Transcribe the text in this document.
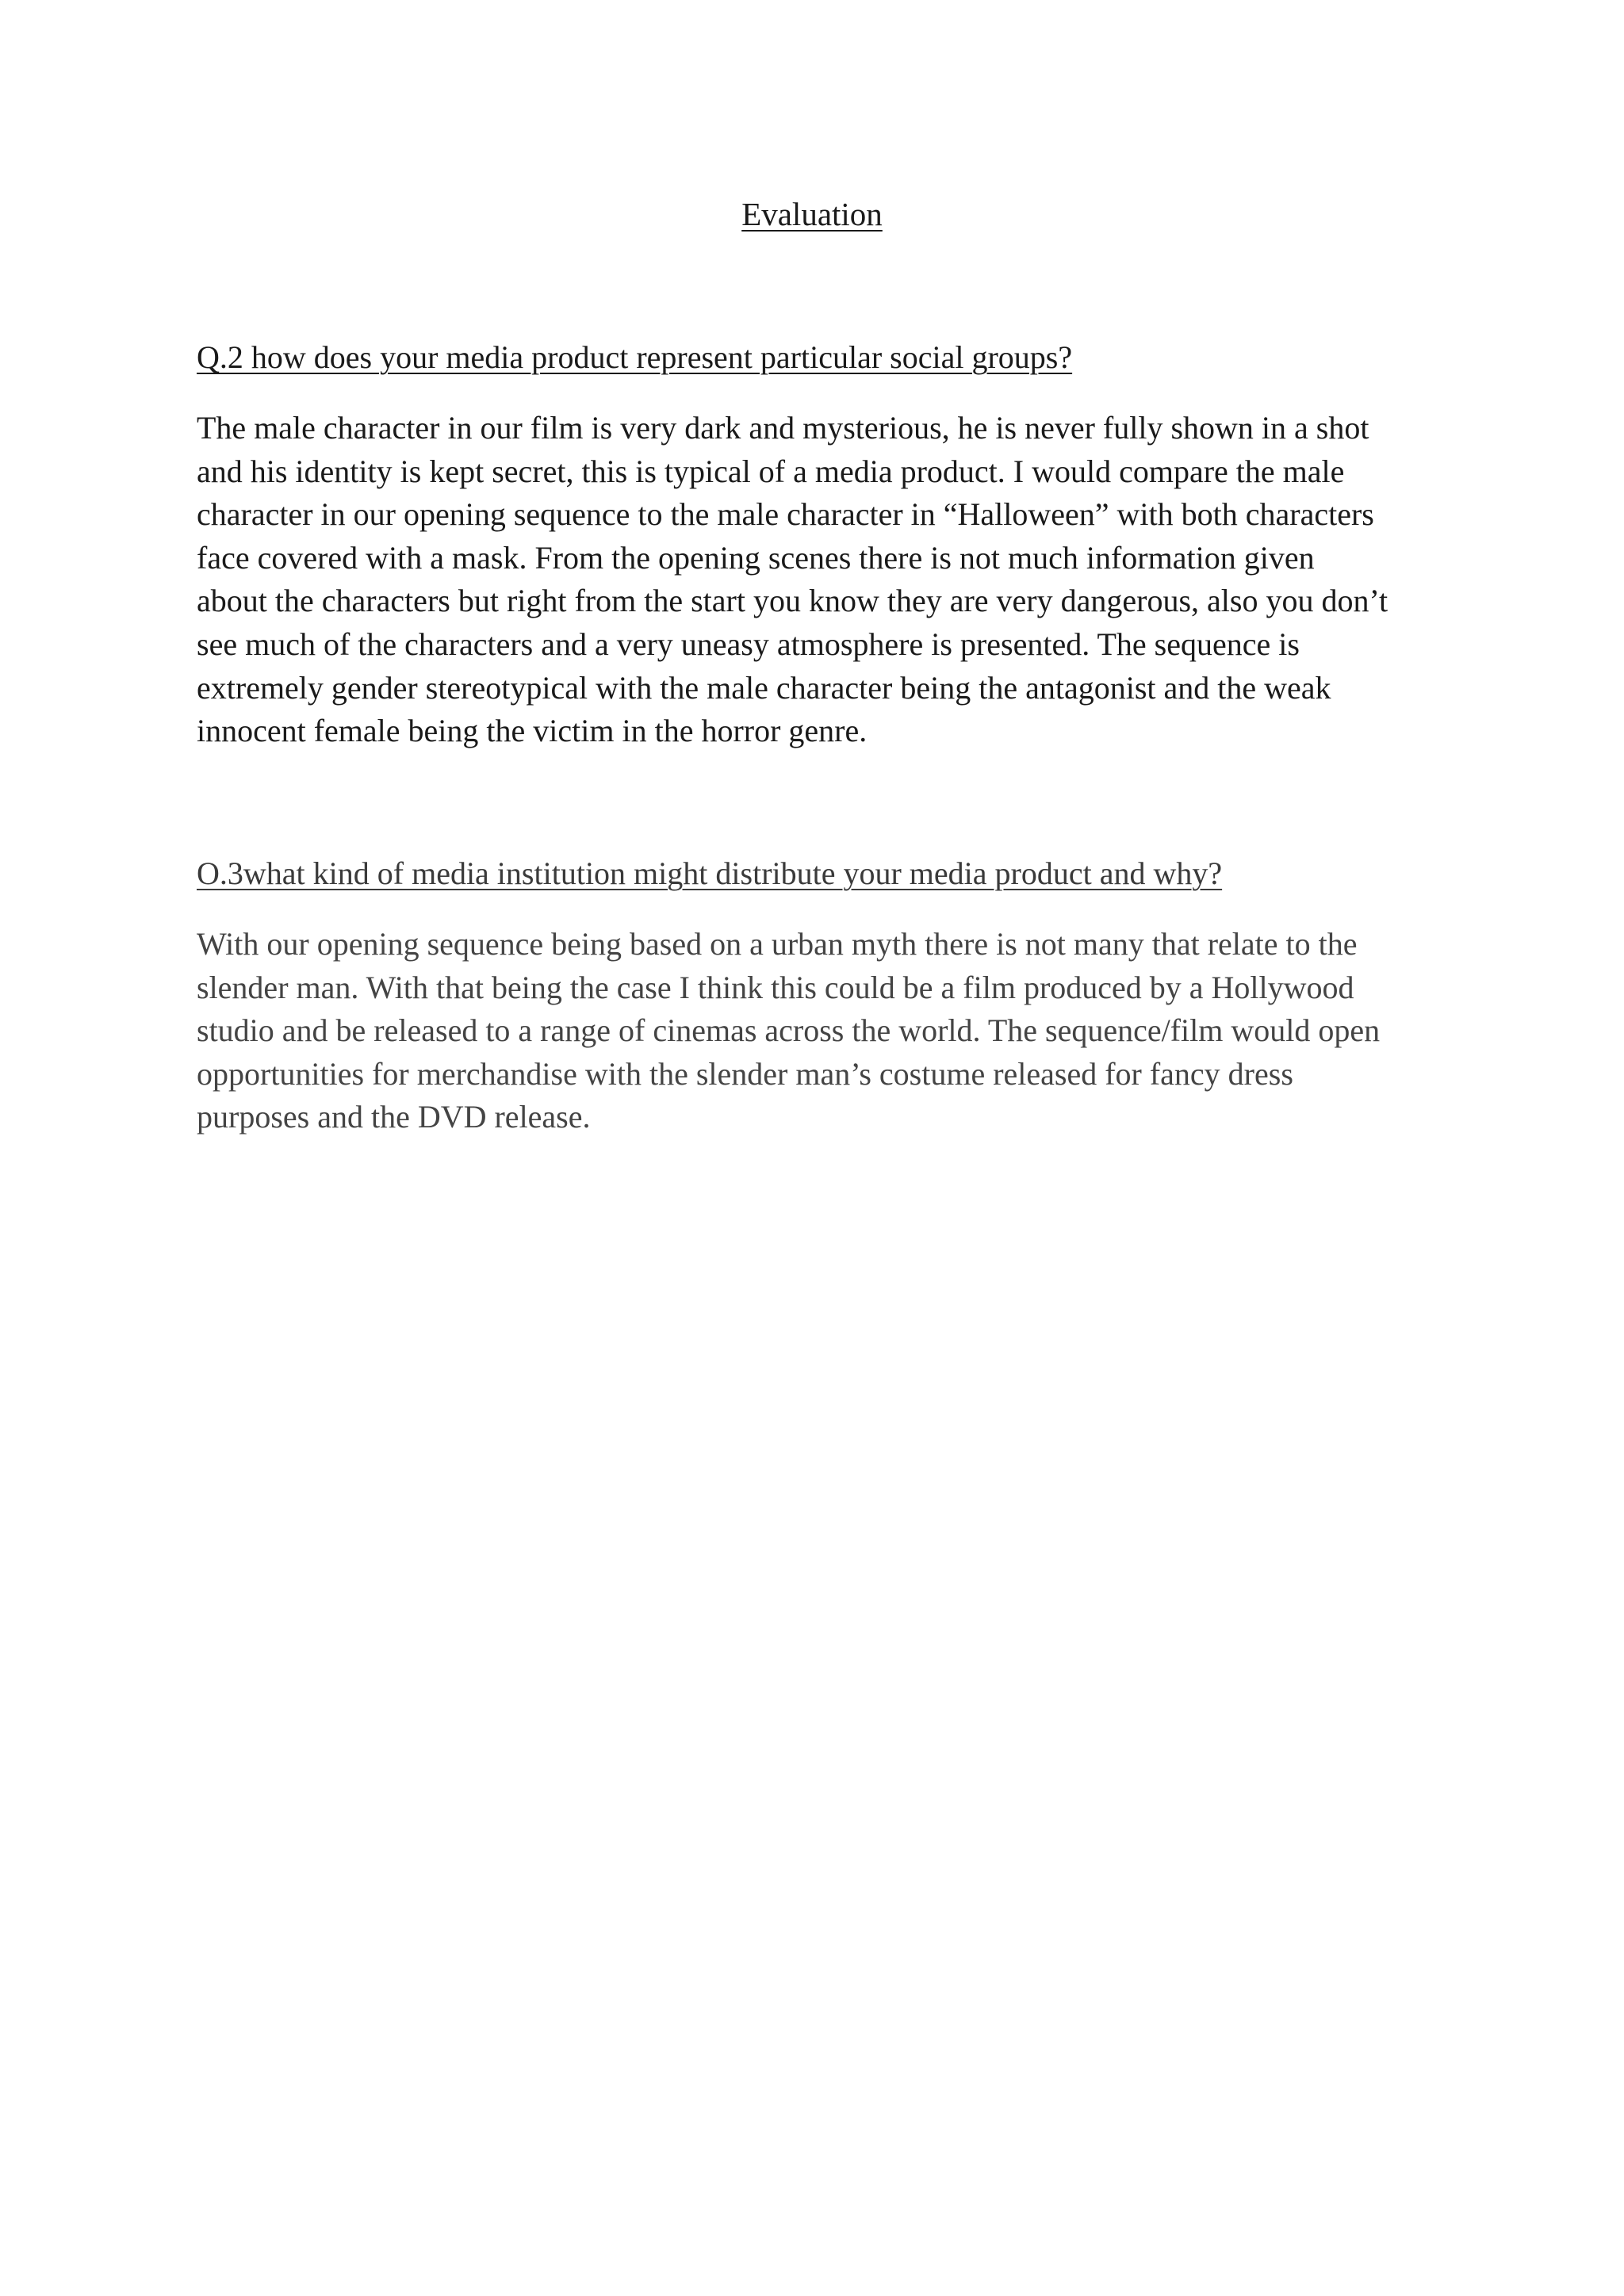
Evaluation
Q.2 how does your media product represent particular social groups?

The male character in our film is very dark and mysterious, he is never fully shown in a shot
and his identity is kept secret, this is typical of a media product. I would compare the male
character in our opening sequence to the male character in “Halloween” with both characters
face covered with a mask. From the opening scenes there is not much information given
about the characters but right from the start you know they are very dangerous, also you don’t
see much of the characters and a very uneasy atmosphere is presented. The sequence is
extremely gender stereotypical with the male character being the antagonist and the weak
innocent female being the victim in the horror genre.

O.3what kind of media institution might distribute your media product and why?

With our opening sequence being based on a urban myth there is not many that relate to the
slender man. With that being the case I think this could be a film produced by a Hollywood
studio and be released to a range of cinemas across the world. The sequence/film would open
opportunities for merchandise with the slender man’s costume released for fancy dress
purposes and the DVD release.
